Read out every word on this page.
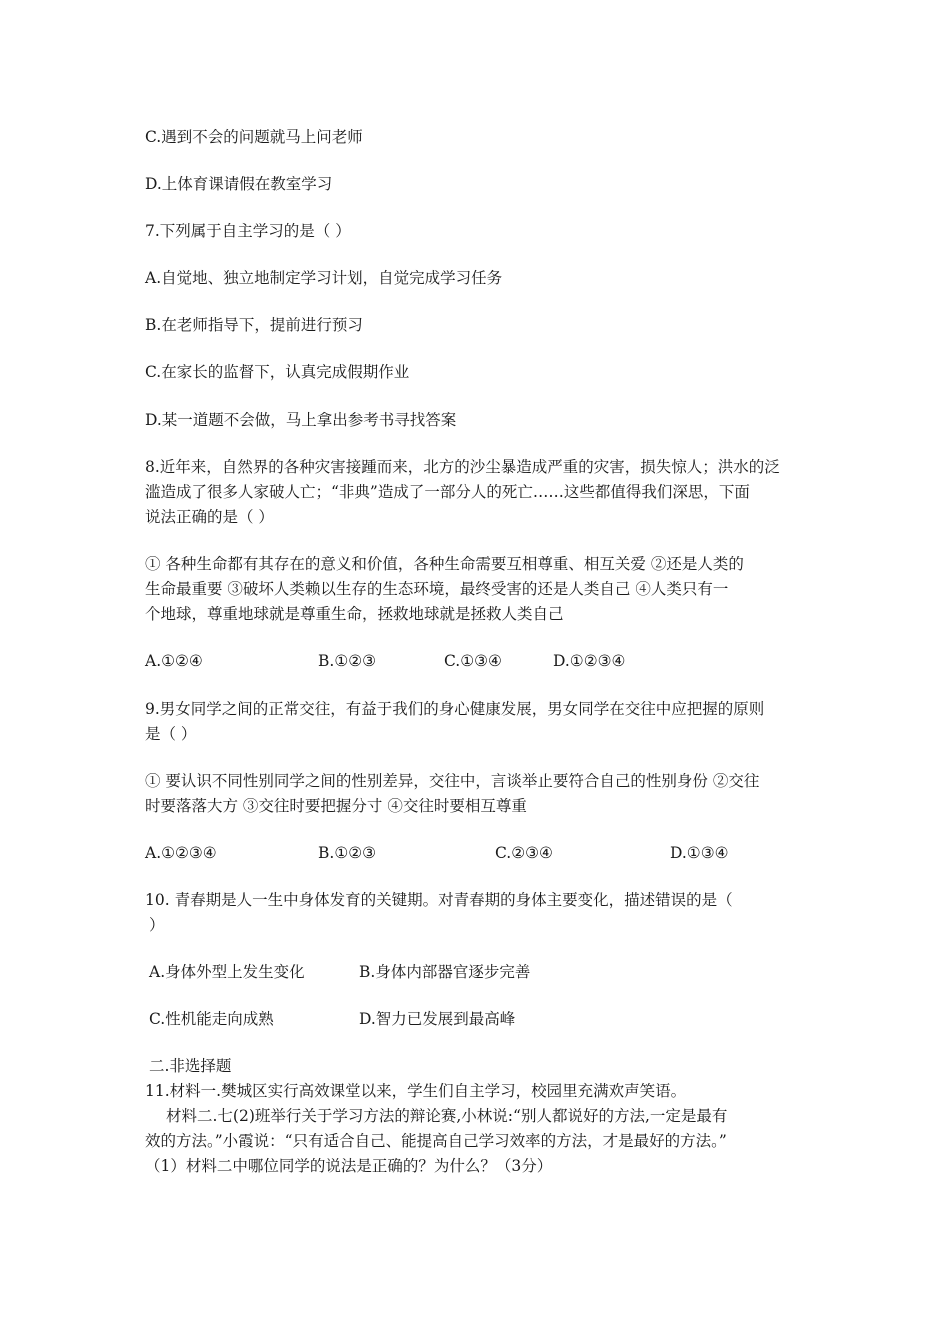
C.遇到不会的问题就马上问老师
D.上体育课请假在教室学习
7.下列属于自主学习的是（ ）
A.自觉地、独立地制定学习计划，自觉完成学习任务
B.在老师指导下，提前进行预习
C.在家长的监督下，认真完成假期作业
D.某一道题不会做，马上拿出参考书寻找答案
8.近年来，自然界的各种灾害接踵而来，北方的沙尘暴造成严重的灾害，损失惊人；洪水的泛
滥造成了很多人家破人亡；“非典”造成了一部分人的死亡……这些都值得我们深思，下面
说法正确的是（ ）
① 各种生命都有其存在的意义和价值，各种生命需要互相尊重、相互关爱 ②还是人类的
生命最重要 ③破坏人类赖以生存的生态环境，最终受害的还是人类自己 ④人类只有一
个地球，尊重地球就是尊重生命，拯救地球就是拯救人类自己
A.①②④	B.①②③	C.①③④	D.①②③④
9.男女同学之间的正常交往，有益于我们的身心健康发展，男女同学在交往中应把握的原则
是（ ）
① 要认识不同性别同学之间的性别差异，交往中，言谈举止要符合自己的性别身份 ②交往
时要落落大方 ③交往时要把握分寸 ④交往时要相互尊重
A.①②③④	B.①②③	C.②③④	D.①③④
10. 青春期是人一生中身体发育的关键期。对青春期的身体主要变化，描述错误的是（
）
A.身体外型上发生变化	B.身体内部器官逐步完善
C.性机能走向成熟	D.智力已发展到最高峰
二.非选择题
11.材料一.樊城区实行高效课堂以来，学生们自主学习，校园里充满欢声笑语。
材料二.七(2)班举行关于学习方法的辩论赛,小林说:“别人都说好的方法,一定是最有
效的方法。”小霞说：“只有适合自己、能提高自己学习效率的方法，才是最好的方法。”
（1）材料二中哪位同学的说法是正确的？为什么？（3分）
